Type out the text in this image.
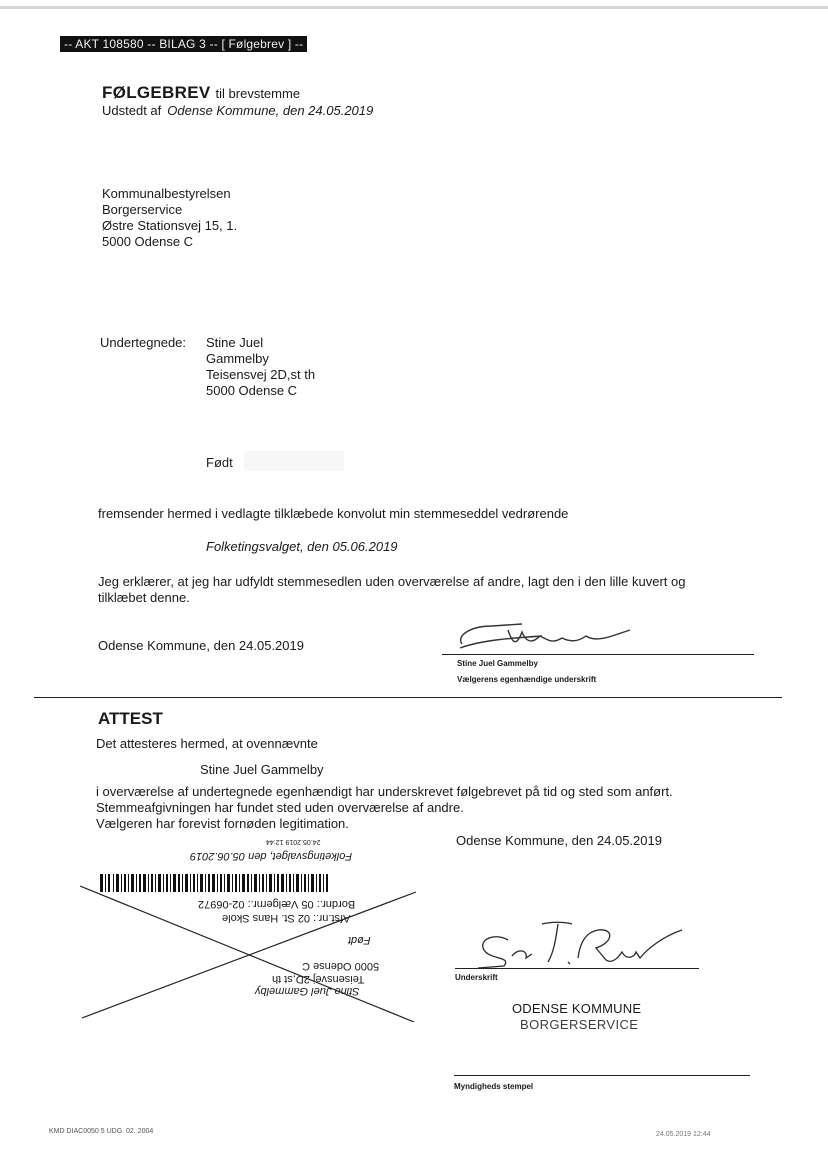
-- AKT 108580 -- BILAG 3 -- [ Følgebrev ] --
FØLGEBREV til brevstemme
Udstedt af Odense Kommune, den 24.05.2019
Kommunalbestyrelsen
Borgerservice
Østre Stationsvej 15, 1.
5000 Odense C
Undertegnede: Stine Juel
Gammelby
Teisensvej 2D,st th
5000 Odense C
Født
fremsender hermed i vedlagte tilklæbede konvolut min stemmeseddel vedrørende
Folketingsvalget, den 05.06.2019
Jeg erklærer, at jeg har udfyldt stemmesedlen uden overværelse af andre, lagt den i den lille kuvert og tilklæbet denne.
Odense Kommune, den 24.05.2019
Stine Juel Gammelby
Vælgerens egenhændige underskrift
ATTEST
Det attesteres hermed, at ovennævnte
Stine Juel Gammelby
i overværelse af undertegnede egenhændigt har underskrevet følgebrevet på tid og sted som anført.
Stemmeafgivningen har fundet sted uden overværelse af andre.
Vælgeren har forevist fornøden legitimation.
Odense Kommune, den 24.05.2019
24.05.2019 12:44
Folketingsvalget, den 05.06.2019
Bordnr.: 05 Vælgernr.: 02-06972
Afst.nr.: 02 St. Hans Skole
Født
5000 Odense C
Teisensvej 2D,st th
Stine Juel Gammelby
Underskrift
ODENSE KOMMUNE
BORGERSERVICE
Myndigheds stempel
KMD DIAC0050 5 UDG. 02. 2004	24.05.2019 12:44
